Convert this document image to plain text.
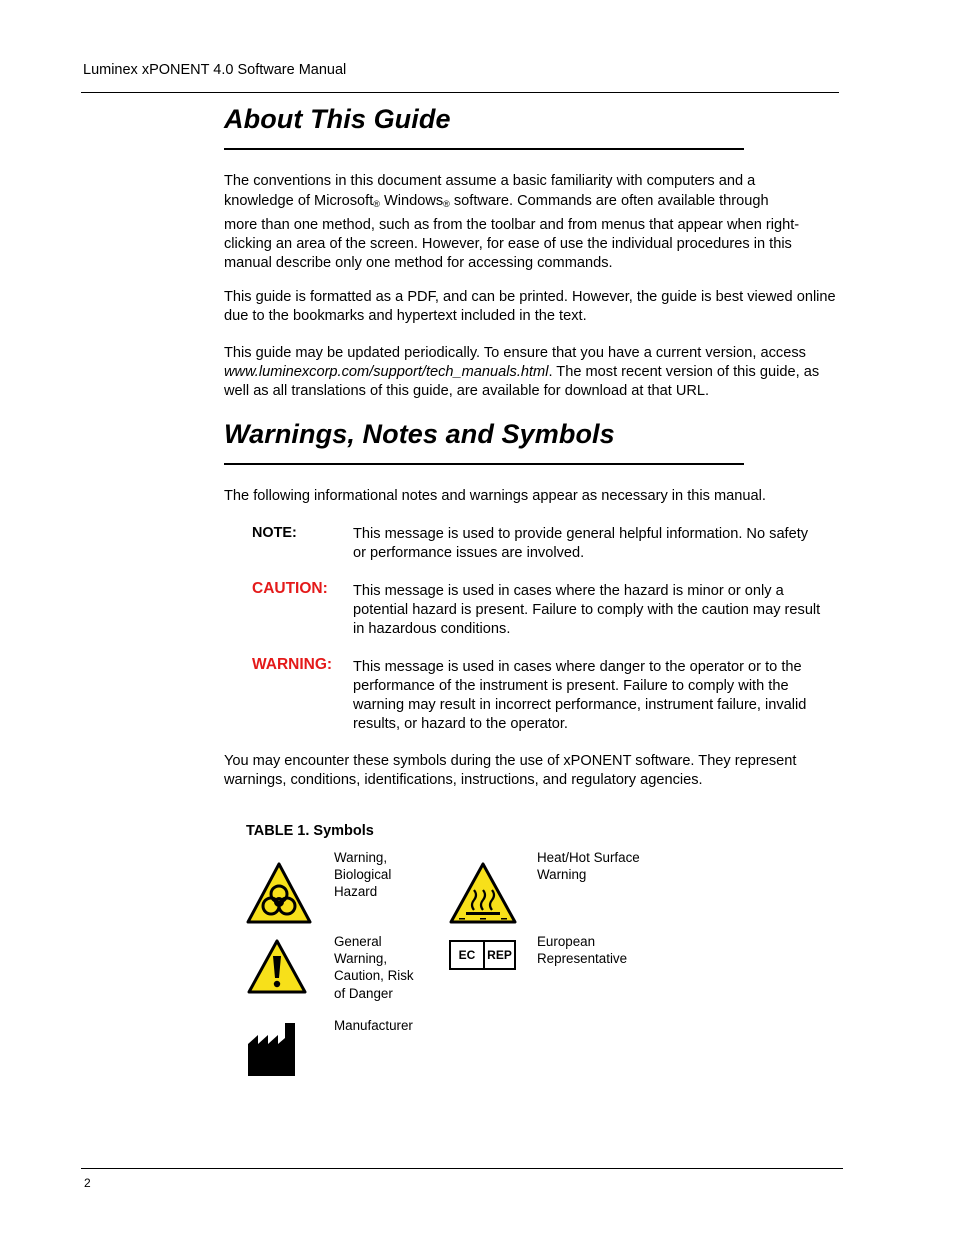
Luminex xPONENT 4.0 Software Manual
About This Guide
The conventions in this document assume a basic familiarity with computers and a
knowledge of Microsoft$_®$ Windows$_®$ software. Commands are often available through
more than one method, such as from the toolbar and from menus that appear when right-clicking an area of the screen. However, for ease of use the individual procedures in this manual describe only one method for accessing commands.

This guide is formatted as a PDF, and can be printed. However, the guide is best viewed online due to the bookmarks and hypertext included in the text.

This guide may be updated periodically. To ensure that you have a current version, access www.luminexcorp.com/support/tech_manuals.html. The most recent version of this guide, as well as all translations of this guide, are available for download at that URL.

Warnings, Notes and Symbols

The following informational notes and warnings appear as necessary in this manual.

NOTE:	This message is used to provide general helpful information. No safety or performance issues are involved.
CAUTION: This message is used in cases where the hazard is minor or only a potential hazard is present. Failure to comply with the caution may result in hazardous conditions.
WARNING: This message is used in cases where danger to the operator or to the performance of the instrument is present. Failure to comply with the warning may result in incorrect performance, instrument failure, invalid results, or hazard to the operator.

You may encounter these symbols during the use of xPONENT software. They represent warnings, conditions, identifications, instructions, and regulatory agencies.

TABLE 1. Symbols
Warning, Biological Hazard
Heat/Hot Surface Warning
General Warning, Caution, Risk of Danger
EC REP
European Representative
Manufacturer
2
